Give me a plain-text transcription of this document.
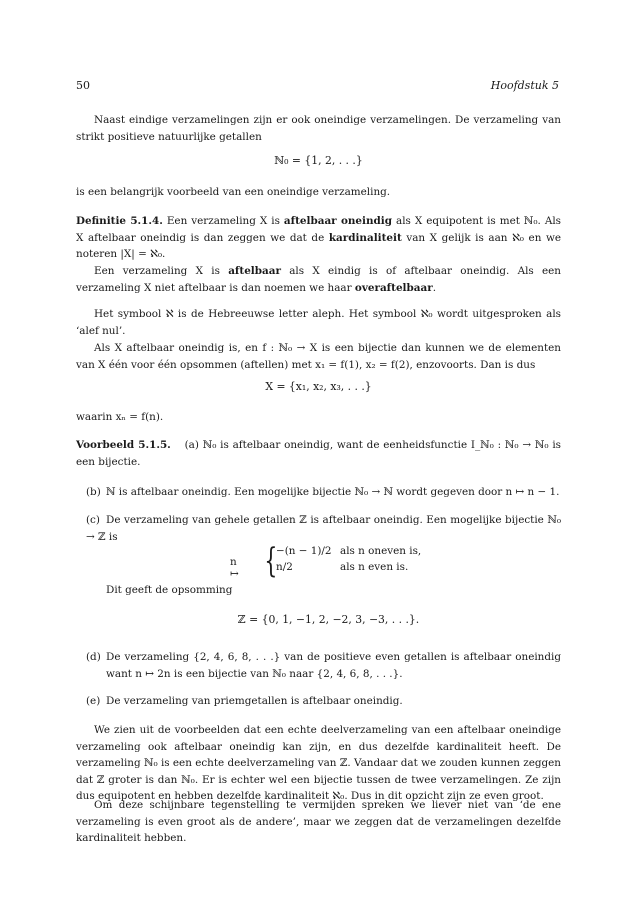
50	Hoofdstuk 5
Naast eindige verzamelingen zijn er ook oneindige verzamelingen. De verzameling van strikt positieve natuurlijke getallen
ℕ₀ = {1, 2, . . .}
is een belangrijk voorbeeld van een oneindige verzameling.
Definitie 5.1.4. Een verzameling X is aftelbaar oneindig als X equipotent is met ℕ₀. Als X aftelbaar oneindig is dan zeggen we dat de kardinaliteit van X gelijk is aan ℵ₀ en we noteren |X| = ℵ₀.
Een verzameling X is aftelbaar als X eindig is of aftelbaar oneindig. Als een verzameling X niet aftelbaar is dan noemen we haar overaftelbaar.
Het symbool ℵ is de Hebreeuwse letter aleph. Het symbool ℵ₀ wordt uitgesproken als ‘alef nul’.
Als X aftelbaar oneindig is, en f : ℕ₀ → X is een bijectie dan kunnen we de elementen van X één voor één opsommen (aftellen) met x₁ = f(1), x₂ = f(2), enzovoorts. Dan is dus
X = {x₁, x₂, x₃, . . .}
waarin xₙ = f(n).
Voorbeeld 5.1.5. (a) ℕ₀ is aftelbaar oneindig, want de eenheidsfunctie I_ℕ₀ : ℕ₀ → ℕ₀ is een bijectie.
(b) ℕ is aftelbaar oneindig. Een mogelijke bijectie ℕ₀ → ℕ wordt gegeven door n ↦ n − 1.
(c) De verzameling van gehele getallen ℤ is aftelbaar oneindig. Een mogelijke bijectie ℕ₀ → ℤ is
n ↦ {
−(n − 1)/2 als n oneven is,
n/2	als n even is.
Dit geeft de opsomming
ℤ = {0, 1, −1, 2, −2, 3, −3, . . .}.
(d) De verzameling {2, 4, 6, 8, . . .} van de positieve even getallen is aftelbaar oneindig want n ↦ 2n is een bijectie van ℕ₀ naar {2, 4, 6, 8, . . .}.
(e) De verzameling van priemgetallen is aftelbaar oneindig.
We zien uit de voorbeelden dat een echte deelverzameling van een aftelbaar oneindige verzameling ook aftelbaar oneindig kan zijn, en dus dezelfde kardinaliteit heeft. De verzameling ℕ₀ is een echte deelverzameling van ℤ. Vandaar dat we zouden kunnen zeggen dat ℤ groter is dan ℕ₀. Er is echter wel een bijectie tussen de twee verzamelingen. Ze zijn dus equipotent en hebben dezelfde kardinaliteit ℵ₀. Dus in dit opzicht zijn ze even groot.
Om deze schijnbare tegenstelling te vermijden spreken we liever niet van ‘de ene verzameling is even groot als de andere’, maar we zeggen dat de verzamelingen dezelfde kardinaliteit hebben.
